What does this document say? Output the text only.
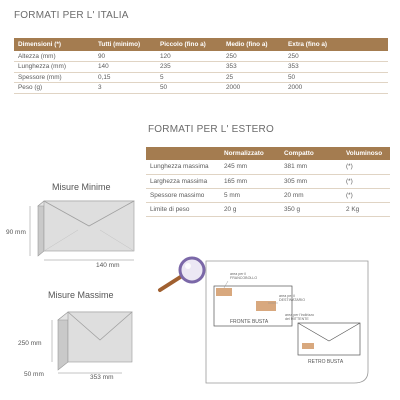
FORMATI PER L' ITALIA
Dimensioni (*)	Tutti (minimo)	Piccolo (fino a)	Medio (fino a)	Extra (fino a)
Altezza (mm)	90	120	250	250
Lunghezza (mm)	140	235	353	353
Spessore (mm)	0,15	5	25	50
Peso (g)	3	50	2000	2000
FORMATI PER L' ESTERO
	Normalizzato	Compatto	Voluminoso
Lunghezza massima	245 mm	381 mm	(*)
Larghezza massima	165 mm	305 mm	(*)
Spessore massimo	5 mm	20 mm	(*)
Limite di peso	20 g	350 g	2 Kg
Misure Minime
90 mm
140 mm
Misure Massime
250 mm
50 mm	353 mm
area per il
FRANCOBOLLO
area per il
DESTINATARIO
FRONTE BUSTA
area per l'indirizzo
del MITTENTE
RETRO BUSTA
